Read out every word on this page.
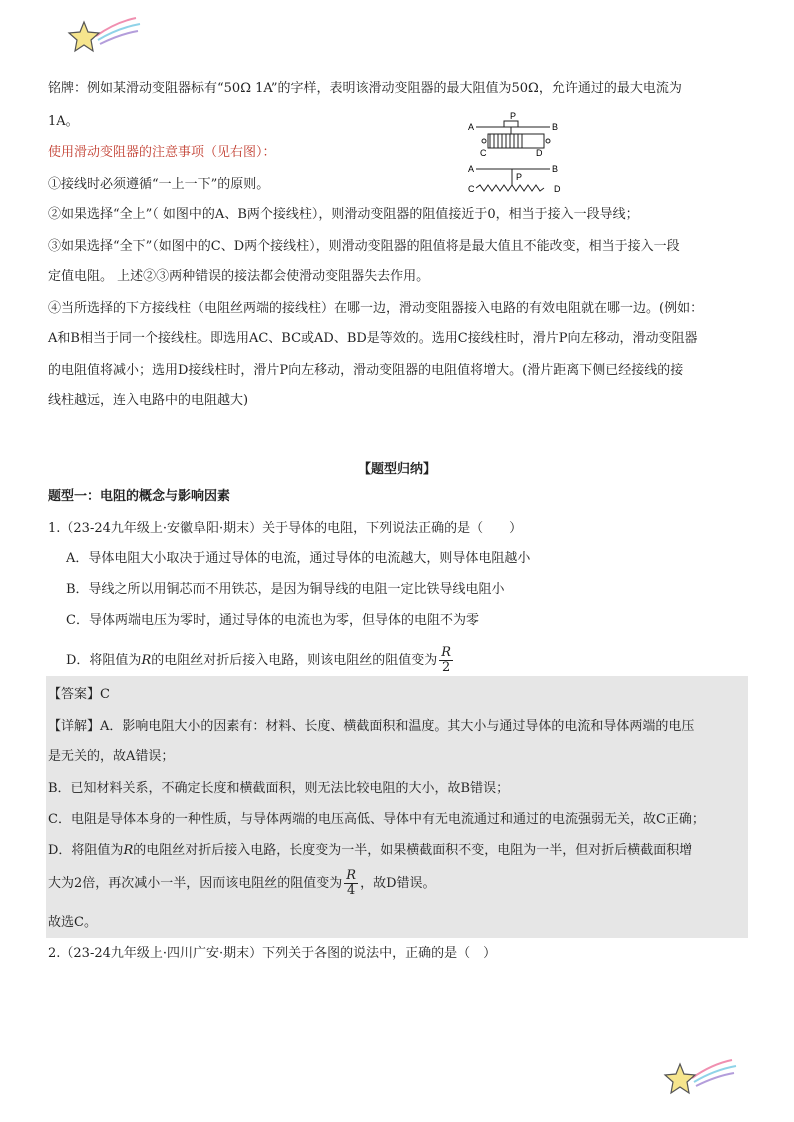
铭牌：例如某滑动变阻器标有“50Ω 1A”的字样，表明该滑动变阻器的最大阻值为50Ω，允许通过的最大电流为
1A。
使用滑动变阻器的注意事项（见右图）：
①接线时必须遵循“一上一下”的原则。
②如果选择“全上”（ 如图中的A、B两个接线柱），则滑动变阻器的阻值接近于0，相当于接入一段导线；
③如果选择“全下”（如图中的C、D两个接线柱），则滑动变阻器的阻值将是最大值且不能改变，相当于接入一段
定值电阻。 上述②③两种错误的接法都会使滑动变阻器失去作用。
④当所选择的下方接线柱（电阻丝两端的接线柱）在哪一边，滑动变阻器接入电路的有效电阻就在哪一边。(例如：
A和B相当于同一个接线柱。即选用AC、BC或AD、BD是等效的。选用C接线柱时，滑片P向左移动，滑动变阻器
的电阻值将减小；选用D接线柱时，滑片P向左移动，滑动变阻器的电阻值将增大。(滑片距离下侧已经接线的接
线柱越远，连入电路中的电阻越大)
A	B
P
C	D
A	B
P
C	D
【题型归纳】
题型一：电阻的概念与影响因素
1.（23-24九年级上·安徽阜阳·期末）关于导体的电阻，下列说法正确的是（　　）
A．导体电阻大小取决于通过导体的电流，通过导体的电流越大，则导体电阻越小
B．导线之所以用铜芯而不用铁芯，是因为铜导线的电阻一定比铁导线电阻小
C．导体两端电压为零时，通过导体的电流也为零，但导体的电阻不为零
D．将阻值为R的电阻丝对折后接入电路，则该电阻丝的阻值变为 $\frac{R}{2}$
【答案】C
【详解】A．影响电阻大小的因素有：材料、长度、横截面积和温度。其大小与通过导体的电流和导体两端的电压
是无关的，故A错误；
B．已知材料关系，不确定长度和横截面积，则无法比较电阻的大小，故B错误；
C．电阻是导体本身的一种性质，与导体两端的电压高低、导体中有无电流通过和通过的电流强弱无关，故C正确；
D．将阻值为R的电阻丝对折后接入电路，长度变为一半，如果横截面积不变，电阻为一半，但对折后横截面积增
大为2倍，再次减小一半，因而该电阻丝的阻值变为 $\frac{R}{4}$ ，故D错误。
故选C。
2.（23-24九年级上·四川广安·期末）下列关于各图的说法中，正确的是（　）
